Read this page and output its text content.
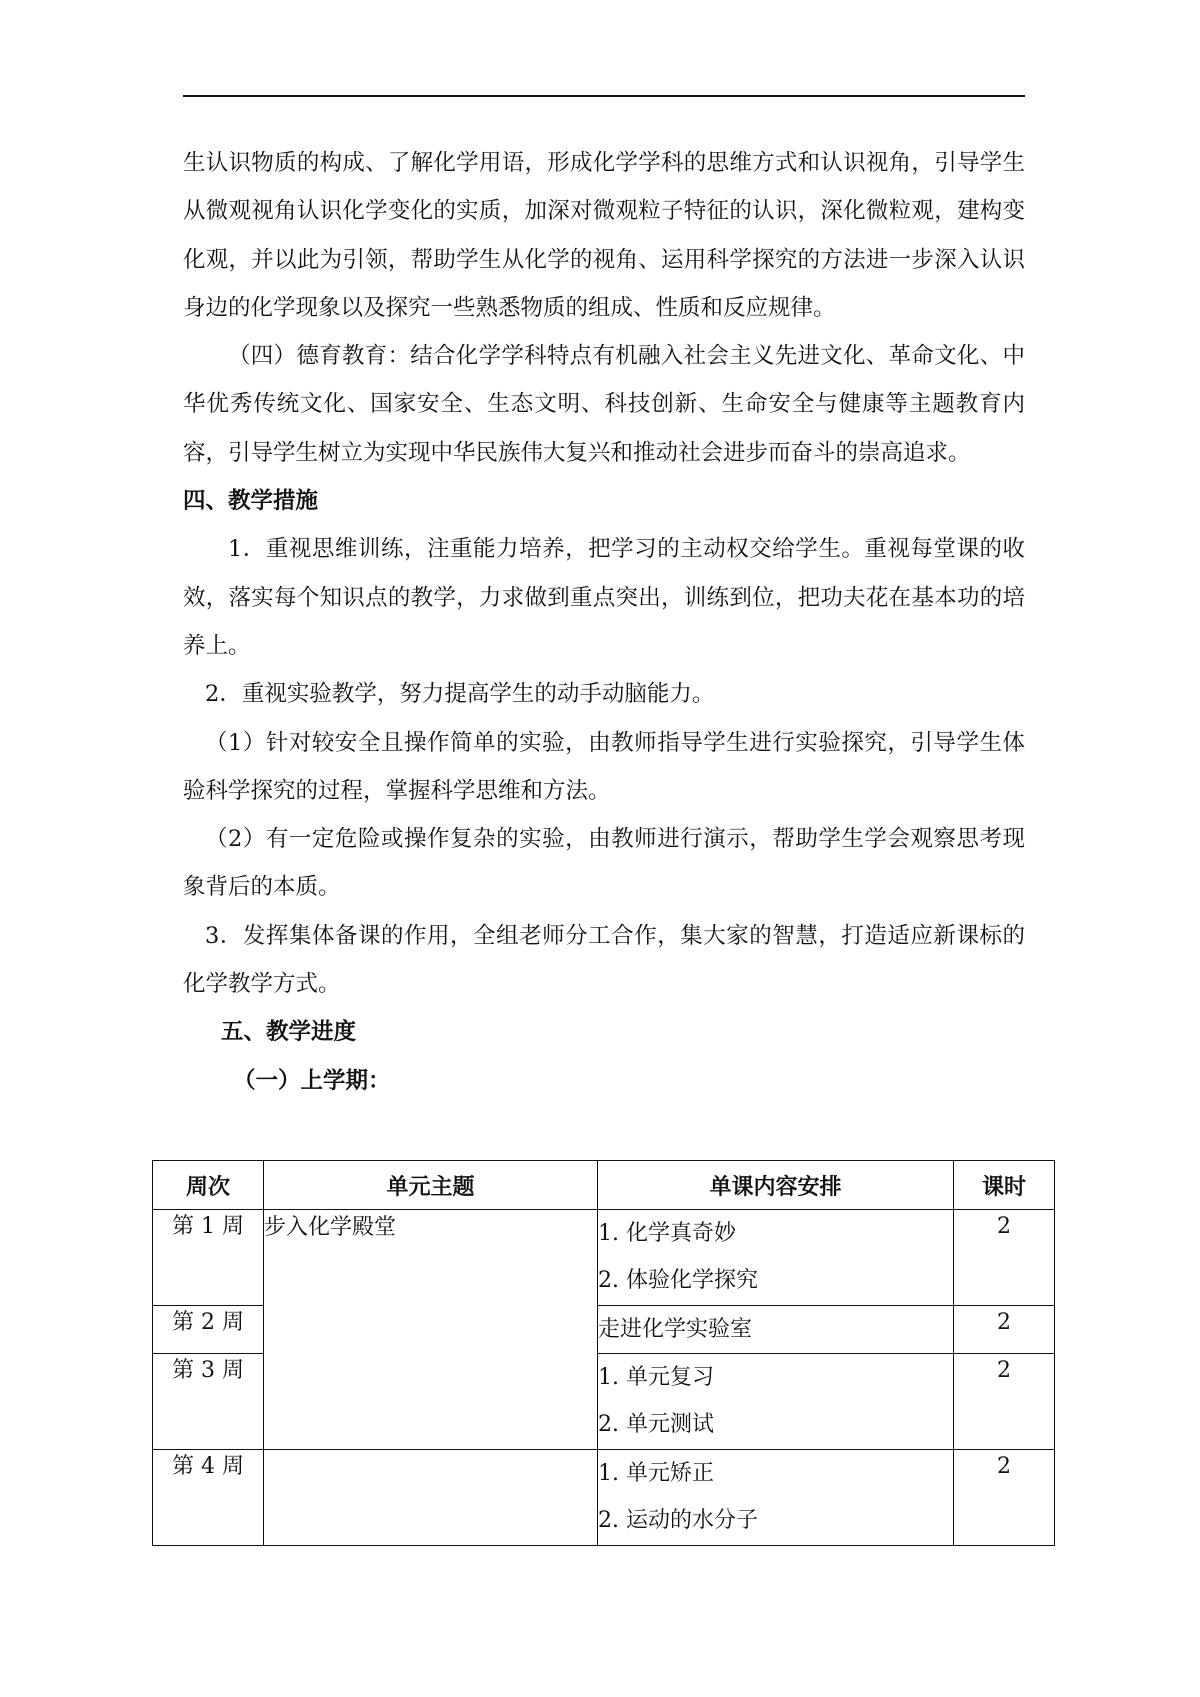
生认识物质的构成、了解化学用语，形成化学学科的思维方式和认识视角，引导学生从微观视角认识化学变化的实质，加深对微观粒子特征的认识，深化微粒观，建构变化观，并以此为引领，帮助学生从化学的视角、运用科学探究的方法进一步深入认识身边的化学现象以及探究一些熟悉物质的组成、性质和反应规律。

（四）德育教育：结合化学学科特点有机融入社会主义先进文化、革命文化、中华优秀传统文化、国家安全、生态文明、科技创新、生命安全与健康等主题教育内容，引导学生树立为实现中华民族伟大复兴和推动社会进步而奋斗的崇高追求。

四、教学措施

1．重视思维训练，注重能力培养，把学习的主动权交给学生。重视每堂课的收效，落实每个知识点的教学，力求做到重点突出，训练到位，把功夫花在基本功的培养上。

2．重视实验教学，努力提高学生的动手动脑能力。

（1）针对较安全且操作简单的实验，由教师指导学生进行实验探究，引导学生体验科学探究的过程，掌握科学思维和方法。

（2）有一定危险或操作复杂的实验，由教师进行演示，帮助学生学会观察思考现象背后的本质。

3．发挥集体备课的作用，全组老师分工合作，集大家的智慧，打造适应新课标的化学教学方式。

五、教学进度

（一）上学期：

周次	单元主题	单课内容安排	课时
第 1 周	步入化学殿堂	1. 化学真奇妙
2. 体验化学探究	2
第 2 周		走进化学实验室	2
第 3 周		1. 单元复习
2. 单元测试	2
第 4 周		1. 单元矫正
2. 运动的水分子	2
